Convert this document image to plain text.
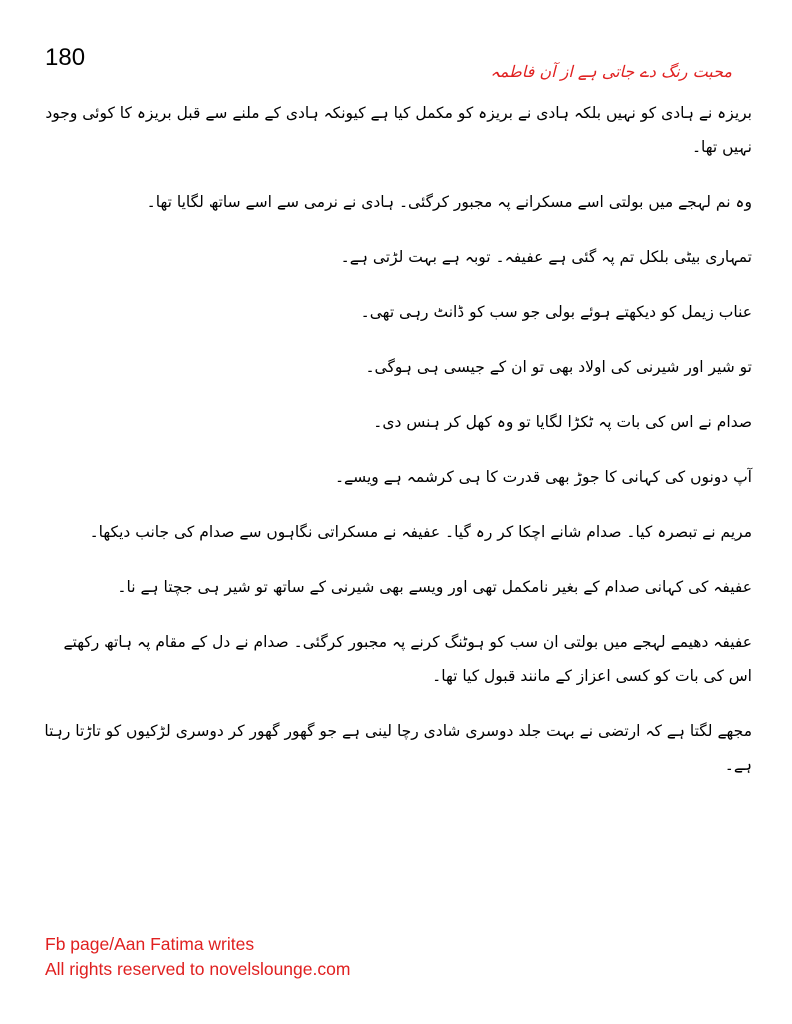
180
محبت رنگ دے جاتی ہے از آن فاطمہ

بریزہ نے ہادی کو نہیں بلکہ ہادی نے بریزہ کو مکمل کیا ہے کیونکہ ہادی کے ملنے سے قبل بریزہ کا کوئی وجود نہیں تھا۔

وہ نم لہجے میں بولتی اسے مسکرانے پہ مجبور کرگئی۔ ہادی نے نرمی سے اسے ساتھ لگایا تھا۔

تمہاری بیٹی بلکل تم پہ گئی ہے عفیفہ۔ توبہ ہے بہت لڑتی ہے۔

عناب زیمل کو دیکھتے ہوئے بولی جو سب کو ڈانٹ رہی تھی۔

تو شیر اور شیرنی کی اولاد بھی تو ان کے جیسی ہی ہوگی۔

صدام نے اس کی بات پہ ٹکڑا لگایا تو وہ کھل کر ہنس دی۔

آپ دونوں کی کہانی کا جوڑ بھی قدرت کا ہی کرشمہ ہے ویسے۔

مریم نے تبصرہ کیا۔ صدام شانے اچکا کر رہ گیا۔ عفیفہ نے مسکراتی نگاہوں سے صدام کی جانب دیکھا۔

عفیفہ کی کہانی صدام کے بغیر نامکمل تھی اور ویسے بھی شیرنی کے ساتھ تو شیر ہی جچتا ہے نا۔

عفیفہ دھیمے لہجے میں بولتی ان سب کو ہوٹنگ کرنے پہ مجبور کرگئی۔ صدام نے دل کے مقام پہ ہاتھ رکھتے اس کی بات کو کسی اعزاز کے مانند قبول کیا تھا۔

مجھے لگتا ہے کہ ارتضی نے بہت جلد دوسری شادی رچا لینی ہے جو گھور گھور کر دوسری لڑکیوں کو تاڑتا رہتا ہے۔

Fb page/Aan Fatima writes
All rights reserved to novelslounge.com
